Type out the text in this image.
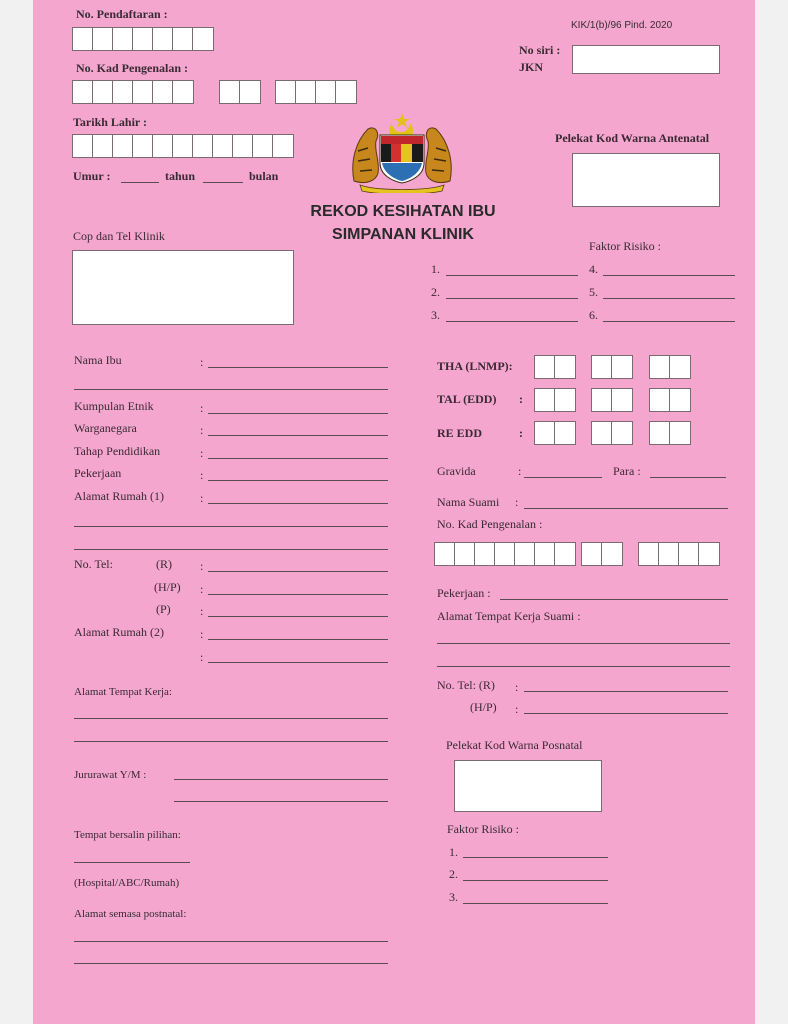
No. Pendaftaran :
No. Kad Pengenalan :
Tarikh Lahir :
Umur :	tahun	bulan
KIK/1(b)/96 Pind. 2020
No siri :
JKN
Pelekat Kod Warna Antenatal
REKOD KESIHATAN IBU
SIMPANAN KLINIK
Cop dan Tel Klinik
Faktor Risiko :
1.
2.
3.
4.
5.
6.
Nama Ibu	:
Kumpulan Etnik	:
Warganegara	:
Tahap Pendidikan	:
Pekerjaan	:
Alamat Rumah (1)	:
No. Tel:	(R) :
(H/P) :
(P) :
Alamat Rumah (2)	:
:
Alamat Tempat Kerja:
Jururawat Y/M :
Tempat bersalin pilihan:
(Hospital/ABC/Rumah)
Alamat semasa postnatal:
THA (LNMP):
TAL (EDD) :
RE EDD	:
Gravida	:	Para :
Nama Suami :
No. Kad Pengenalan :
Pekerjaan :
Alamat Tempat Kerja Suami :
No. Tel: (R) :
(H/P) :
Pelekat Kod Warna Posnatal
Faktor Risiko :
1.
2.
3.
